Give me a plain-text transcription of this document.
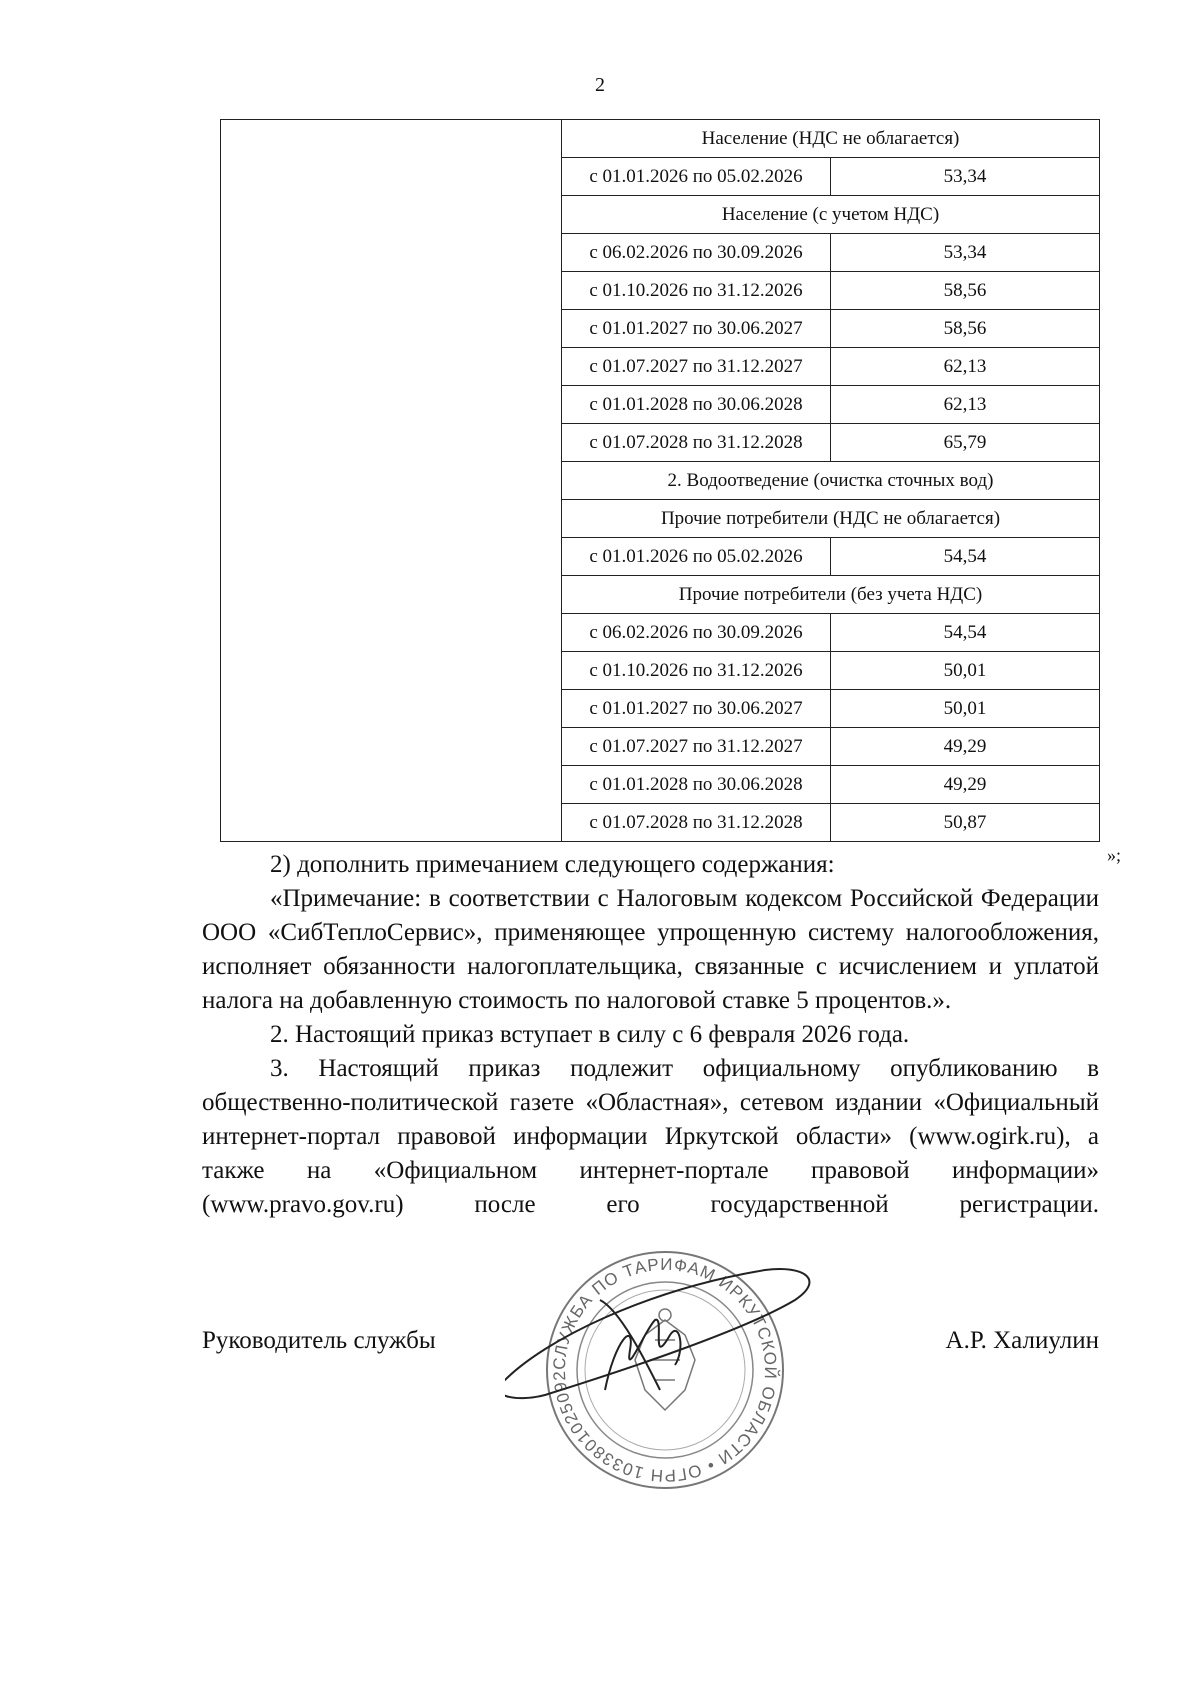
2
	Население (НДС не облагается)	
	с 01.01.2026 по 05.02.2026	53,34
	Население (с учетом НДС)	
	с 06.02.2026 по 30.09.2026	53,34
	с 01.10.2026 по 31.12.2026	58,56
	с 01.01.2027 по 30.06.2027	58,56
	с 01.07.2027 по 31.12.2027	62,13
	с 01.01.2028 по 30.06.2028	62,13
	с 01.07.2028 по 31.12.2028	65,79
	2. Водоотведение (очистка сточных вод)	
	Прочие потребители (НДС не облагается)	
	с 01.01.2026 по 05.02.2026	54,54
	Прочие потребители (без учета НДС)	
	с 06.02.2026 по 30.09.2026	54,54
	с 01.10.2026 по 31.12.2026	50,01
	с 01.01.2027 по 30.06.2027	50,01
	с 01.07.2027 по 31.12.2027	49,29
	с 01.01.2028 по 30.06.2028	49,29
	с 01.07.2028 по 31.12.2028	50,87
»;

2) дополнить примечанием следующего содержания:

«Примечание: в соответствии с Налоговым кодексом Российской Федерации ООО «СибТеплоСервис», применяющее упрощенную систему налогообложения, исполняет обязанности налогоплательщика, связанные с исчислением и уплатой налога на добавленную стоимость по налоговой ставке 5 процентов.».

2. Настоящий приказ вступает в силу с 6 февраля 2026 года.

3. Настоящий приказ подлежит официальному опубликованию в общественно-политической газете «Областная», сетевом издании «Официальный интернет-портал правовой информации Иркутской области» (www.ogirk.ru), а также на «Официальном интернет-портале правовой информации» (www.pravo.gov.ru) после его государственной регистрации.

Руководитель службы	А.Р. Халиулин
СЛУЖБА ПО ТАРИФАМ ИРКУТСКОЙ ОБЛАСТИ • ОГРН 1033801025092
